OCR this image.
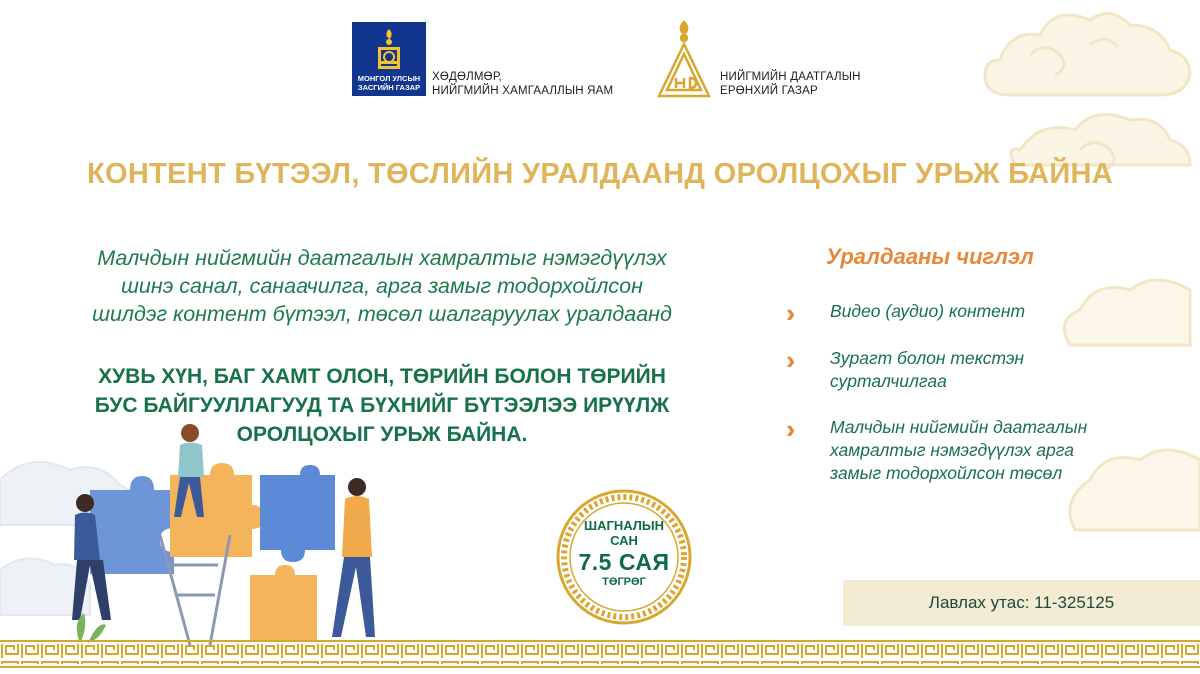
МОНГОЛ УЛСЫН
ЗАСГИЙН ГАЗАР
ХӨДӨЛМӨР,
НИЙГМИЙН ХАМГААЛЛЫН ЯАМ
НИЙГМИЙН ДААТГАЛЫН
ЕРӨНХИЙ ГАЗАР
КОНТЕНТ БҮТЭЭЛ, ТӨСЛИЙН УРАЛДААНД ОРОЛЦОХЫГ УРЬЖ БАЙНА
Малчдын нийгмийн даатгалын хамралтыг нэмэгдүүлэх
шинэ санал, санаачилга, арга замыг тодорхойлсон
шилдэг контент бүтээл, төсөл шалгаруулах уралдаанд
ХУВЬ ХҮН, БАГ ХАМТ ОЛОН, ТӨРИЙН БОЛОН ТӨРИЙН
БУС БАЙГУУЛЛАГУУД ТА БҮХНИЙГ БҮТЭЭЛЭЭ ИРҮҮЛЖ
ОРОЛЦОХЫГ УРЬЖ БАЙНА.
Уралдааны чиглэл
››	Видео (аудио) контент
››	Зурагт болон текстэн
сурталчилгаа
››	Малчдын нийгмийн даатгалын
хамралтыг нэмэгдүүлэх арга
замыг тодорхойлсон төсөл
ШАГНАЛЫН
САН
7.5 САЯ
ТӨГРӨГ
Лавлах утас: 11-325125
